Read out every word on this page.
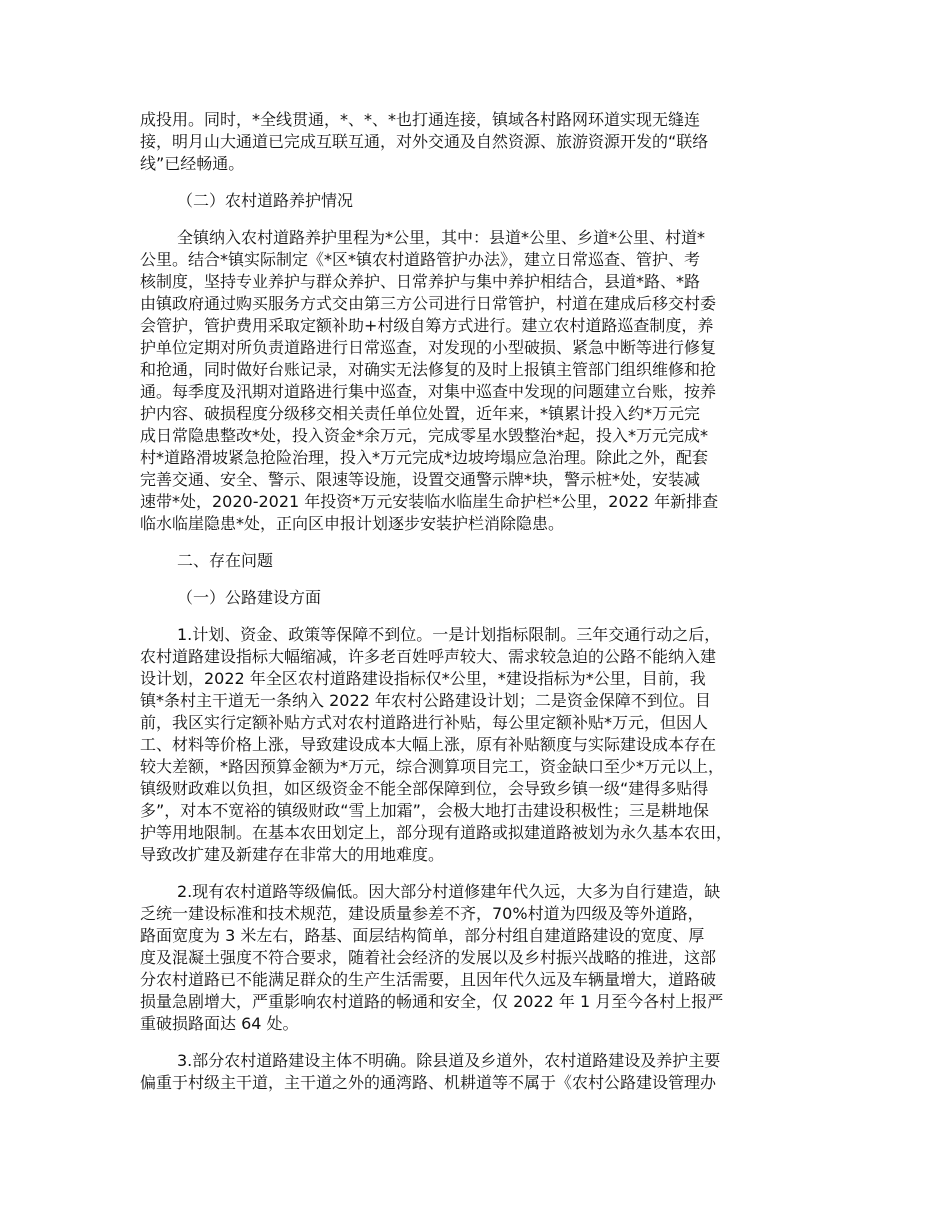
成投用。同时，*全线贯通，*、*、*也打通连接，镇域各村路网环道实现无缝连
接，明月山大通道已完成互联互通，对外交通及自然资源、旅游资源开发的“联络
线”已经畅通。
（二）农村道路养护情况
全镇纳入农村道路养护里程为*公里，其中：县道*公里、乡道*公里、村道*
公里。结合*镇实际制定《*区*镇农村道路管护办法》，建立日常巡查、管护、考
核制度，坚持专业养护与群众养护、日常养护与集中养护相结合，县道*路、*路
由镇政府通过购买服务方式交由第三方公司进行日常管护，村道在建成后移交村委
会管护，管护费用采取定额补助+村级自筹方式进行。建立农村道路巡查制度，养
护单位定期对所负责道路进行日常巡查，对发现的小型破损、紧急中断等进行修复
和抢通，同时做好台账记录，对确实无法修复的及时上报镇主管部门组织维修和抢
通。每季度及汛期对道路进行集中巡查，对集中巡查中发现的问题建立台账，按养
护内容、破损程度分级移交相关责任单位处置，近年来，*镇累计投入约*万元完
成日常隐患整改*处，投入资金*余万元，完成零星水毁整治*起，投入*万元完成*
村*道路滑坡紧急抢险治理，投入*万元完成*边坡垮塌应急治理。除此之外，配套
完善交通、安全、警示、限速等设施，设置交通警示牌*块，警示桩*处，安装减
速带*处，2020-2021 年投资*万元安装临水临崖生命护栏*公里，2022 年新排查
临水临崖隐患*处，正向区申报计划逐步安装护栏消除隐患。
二、存在问题
（一）公路建设方面
1.计划、资金、政策等保障不到位。一是计划指标限制。三年交通行动之后，
农村道路建设指标大幅缩减，许多老百姓呼声较大、需求较急迫的公路不能纳入建
设计划，2022 年全区农村道路建设指标仅*公里，*建设指标为*公里，目前，我
镇*条村主干道无一条纳入 2022 年农村公路建设计划；二是资金保障不到位。目
前，我区实行定额补贴方式对农村道路进行补贴，每公里定额补贴*万元，但因人
工、材料等价格上涨，导致建设成本大幅上涨，原有补贴额度与实际建设成本存在
较大差额，*路因预算金额为*万元，综合测算项目完工，资金缺口至少*万元以上，
镇级财政难以负担，如区级资金不能全部保障到位，会导致乡镇一级“建得多贴得
多”，对本不宽裕的镇级财政“雪上加霜”，会极大地打击建设积极性；三是耕地保
护等用地限制。在基本农田划定上，部分现有道路或拟建道路被划为永久基本农田，
导致改扩建及新建存在非常大的用地难度。
2.现有农村道路等级偏低。因大部分村道修建年代久远，大多为自行建造，缺
乏统一建设标准和技术规范，建设质量参差不齐，70%村道为四级及等外道路，
路面宽度为 3 米左右，路基、面层结构简单，部分村组自建道路建设的宽度、厚
度及混凝土强度不符合要求，随着社会经济的发展以及乡村振兴战略的推进，这部
分农村道路已不能满足群众的生产生活需要，且因年代久远及车辆量增大，道路破
损量急剧增大，严重影响农村道路的畅通和安全，仅 2022 年 1 月至今各村上报严
重破损路面达 64 处。
3.部分农村道路建设主体不明确。除县道及乡道外，农村道路建设及养护主要
偏重于村级主干道，主干道之外的通湾路、机耕道等不属于《农村公路建设管理办
